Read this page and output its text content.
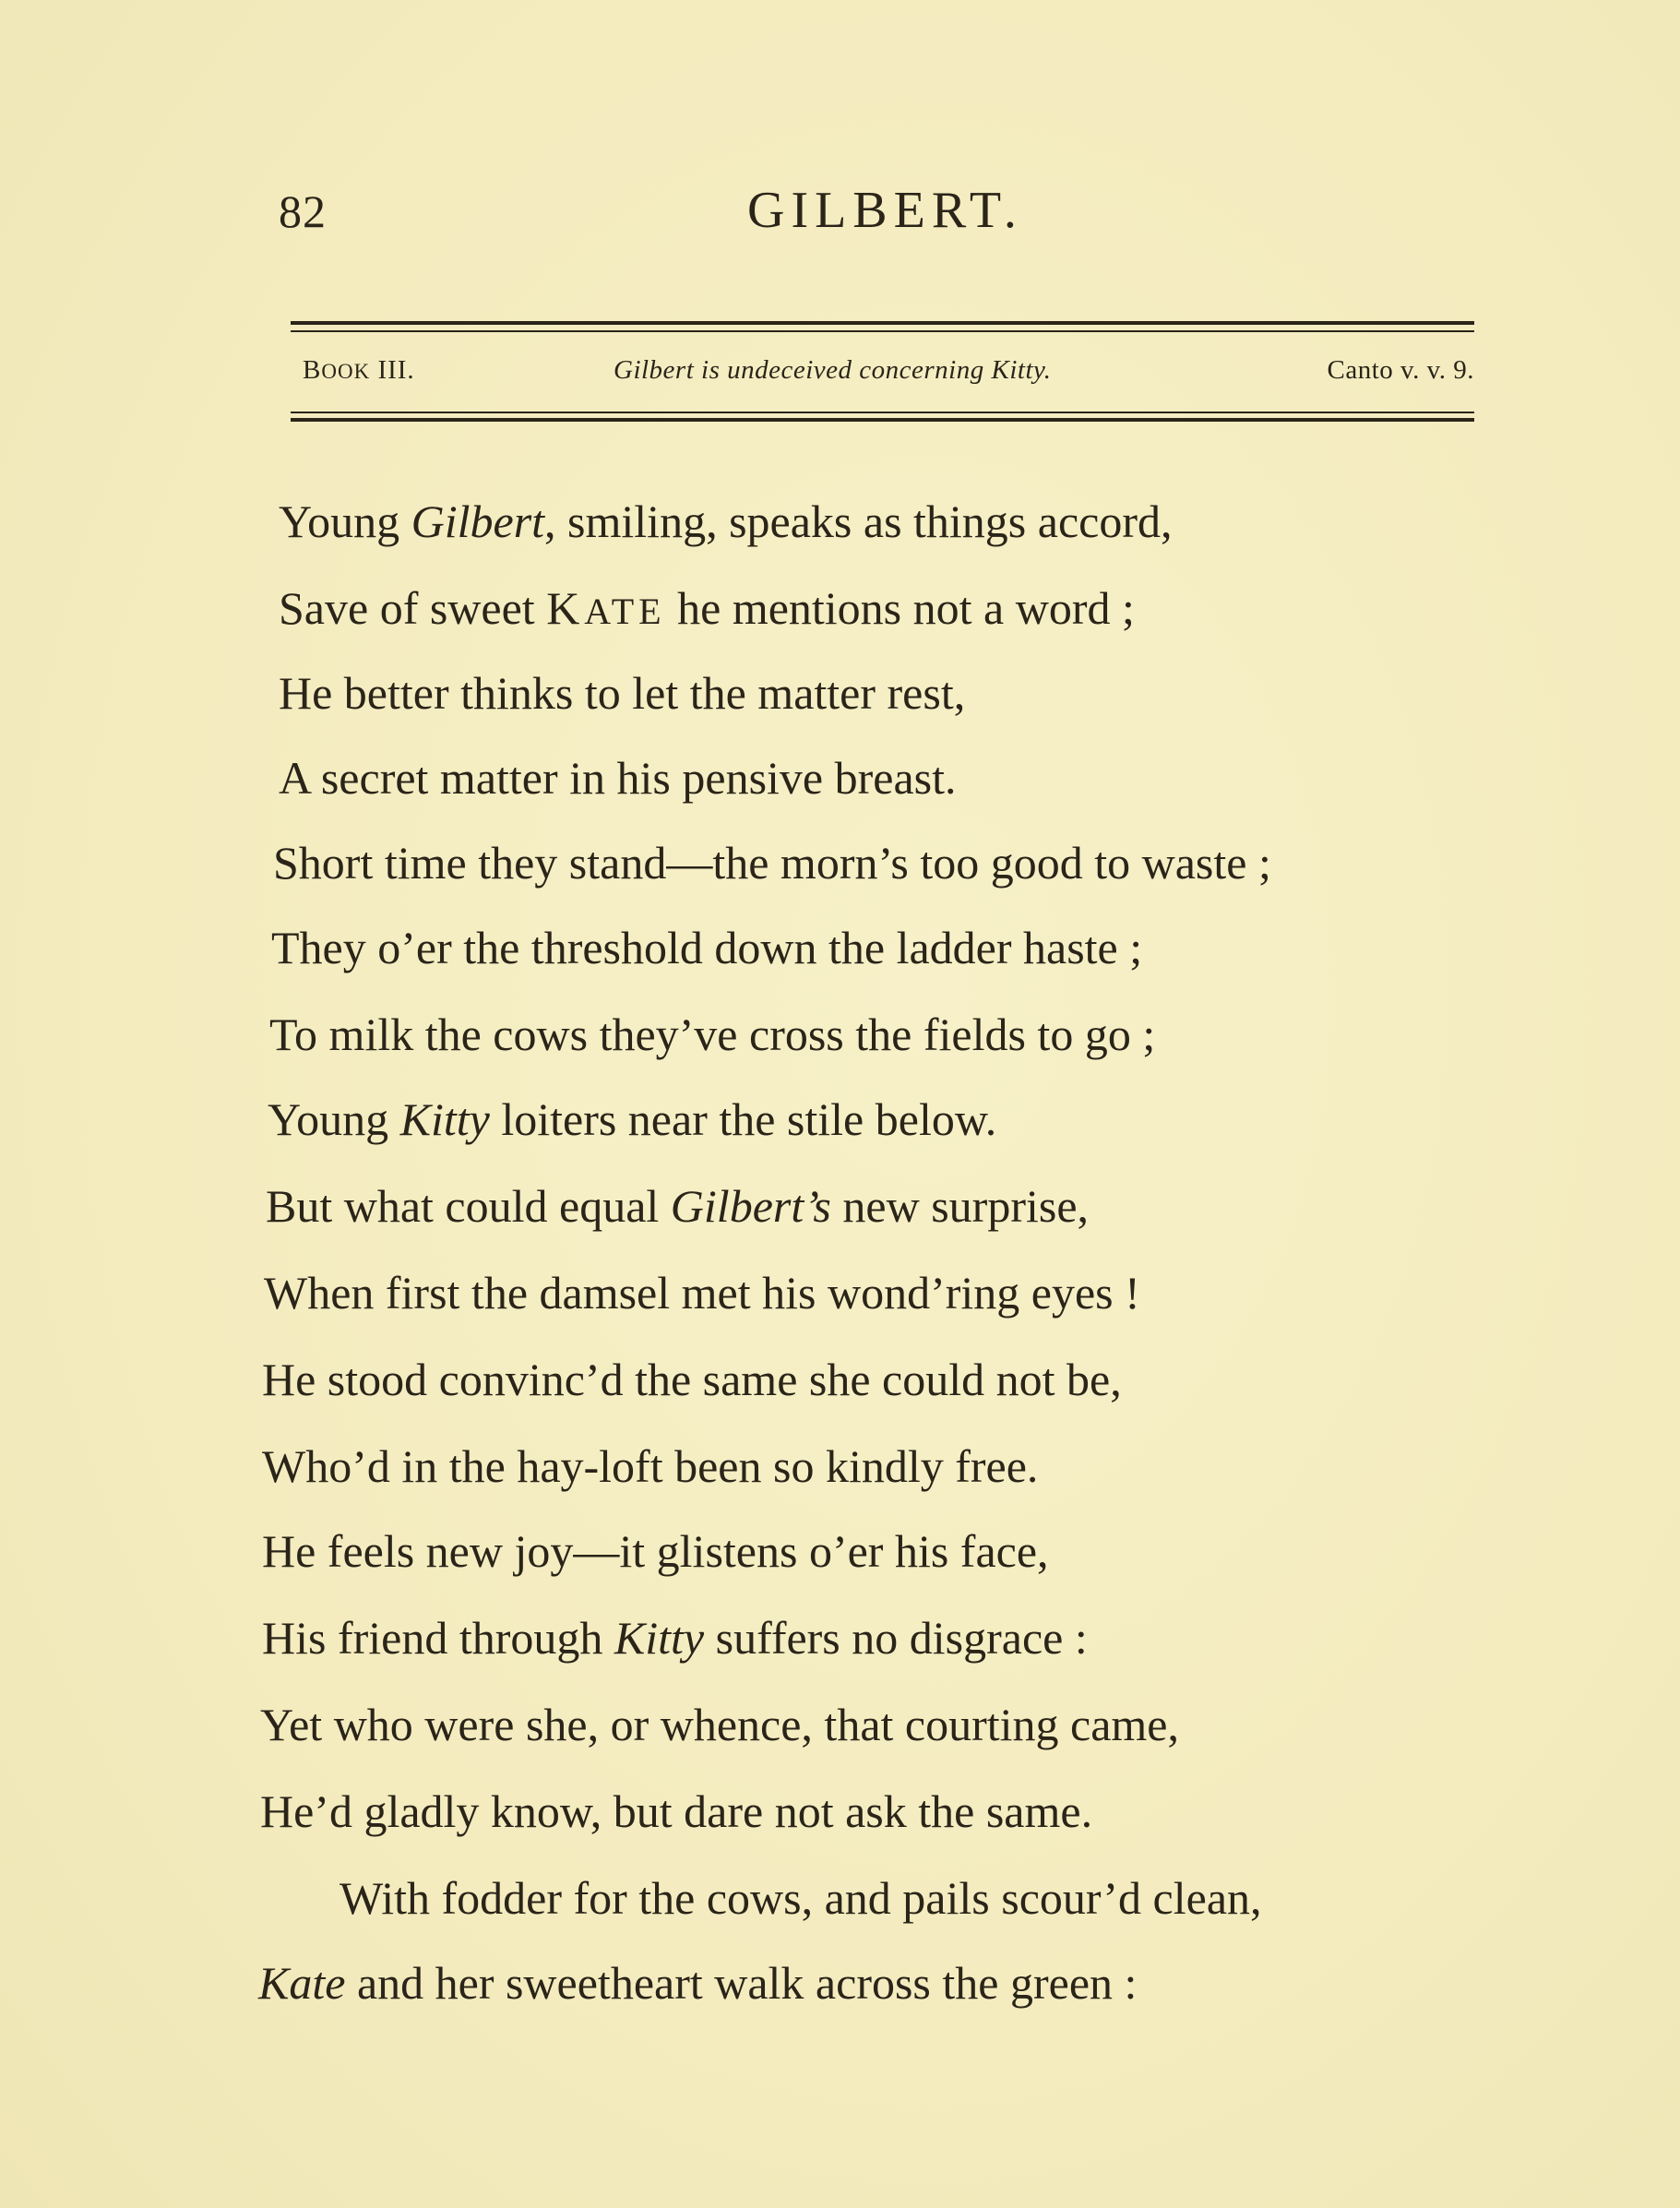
82	GILBERT.
BOOK III.	Gilbert is undeceived concerning Kitty.	Canto v. v. 9.
Young Gilbert, smiling, speaks as things accord,
Save of sweet KATE he mentions not a word ;
He better thinks to let the matter rest,
A secret matter in his pensive breast.
Short time they stand—the morn’s too good to waste ;
They o’er the threshold down the ladder haste ;
To milk the cows they’ve cross the fields to go ;
Young Kitty loiters near the stile below.
But what could equal Gilbert’s new surprise,
When first the damsel met his wond’ring eyes !
He stood convinc’d the same she could not be,
Who’d in the hay-loft been so kindly free.
He feels new joy—it glistens o’er his face,
His friend through Kitty suffers no disgrace :
Yet who were she, or whence, that courting came,
He’d gladly know, but dare not ask the same.
With fodder for the cows, and pails scour’d clean,
Kate and her sweetheart walk across the green :
